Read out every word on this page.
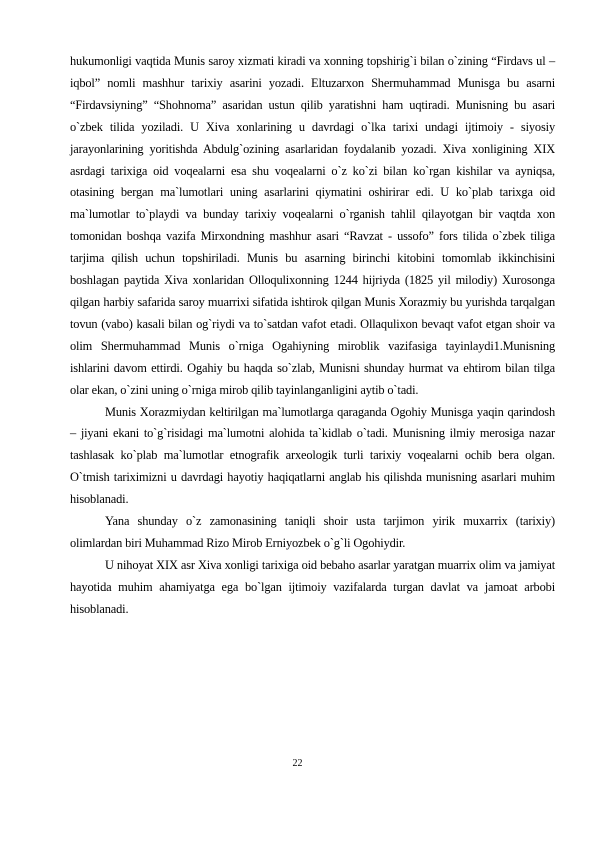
hukumonligi vaqtida Munis saroy xizmati kiradi va xonning topshirig`i bilan o`zining “Firdavs ul – iqbol” nomli mashhur tarixiy asarini yozadi. Eltuzarxon Shermuhammad Munisga bu asarni “Firdavsiyning” “Shohnoma” asaridan ustun qilib yaratishni ham uqtiradi. Munisning bu asari o`zbek tilida yoziladi. U Xiva xonlarining u davrdagi o`lka tarixi undagi ijtimoiy - siyosiy jarayonlarining yoritishda Abdulg`ozining asarlaridan foydalanib yozadi. Xiva xonligining XIX asrdagi tarixiga oid voqealarni esa shu voqealarni o`z ko`zi bilan ko`rgan kishilar va ayniqsa, otasining bergan ma`lumotlari uning asarlarini qiymatini oshirirar edi. U ko`plab tarixga oid ma`lumotlar to`playdi va bunday tarixiy voqealarni o`rganish tahlil qilayotgan bir vaqtda xon tomonidan boshqa vazifa Mirxondning mashhur asari “Ravzat - ussofo” fors tilida o`zbek tiliga tarjima qilish uchun topshiriladi. Munis bu asarning birinchi kitobini tomomlab ikkinchisini boshlagan paytida Xiva xonlaridan Olloqulixonning 1244 hijriyda (1825 yil milodiy) Xurosonga qilgan harbiy safarida saroy muarrixi sifatida ishtirok qilgan Munis Xorazmiy bu yurishda tarqalgan tovun (vabo) kasali bilan og`riydi va to`satdan vafot etadi. Ollaqulixon bevaqt vafot etgan shoir va olim Shermuhammad Munis o`rniga Ogahiyning miroblik vazifasiga tayinlaydi1.Munisning ishlarini davom ettirdi. Ogahiy bu haqda so`zlab, Munisni shunday hurmat va ehtirom bilan tilga olar ekan, o`zini uning o`rniga mirob qilib tayinlanganligini aytib o`tadi.

Munis Xorazmiydan keltirilgan ma`lumotlarga qaraganda Ogohiy Munisga yaqin qarindosh – jiyani ekani to`g`risidagi ma`lumotni alohida ta`kidlab o`tadi. Munisning ilmiy merosiga nazar tashlasak ko`plab ma`lumotlar etnografik arxeologik turli tarixiy voqealarni ochib bera olgan. O`tmish tariximizni u davrdagi hayotiy haqiqatlarni anglab his qilishda munisning asarlari muhim hisoblanadi.

Yana shunday o`z zamonasining taniqli shoir usta tarjimon yirik muxarrix (tarixiy) olimlardan biri Muhammad Rizo Mirob Erniyozbek o`g`li Ogohiydir.

U nihoyat XIX asr Xiva xonligi tarixiga oid bebaho asarlar yaratgan muarrix olim va jamiyat hayotida muhim ahamiyatga ega bo`lgan ijtimoiy vazifalarda turgan davlat va jamoat arbobi hisoblanadi.

22
